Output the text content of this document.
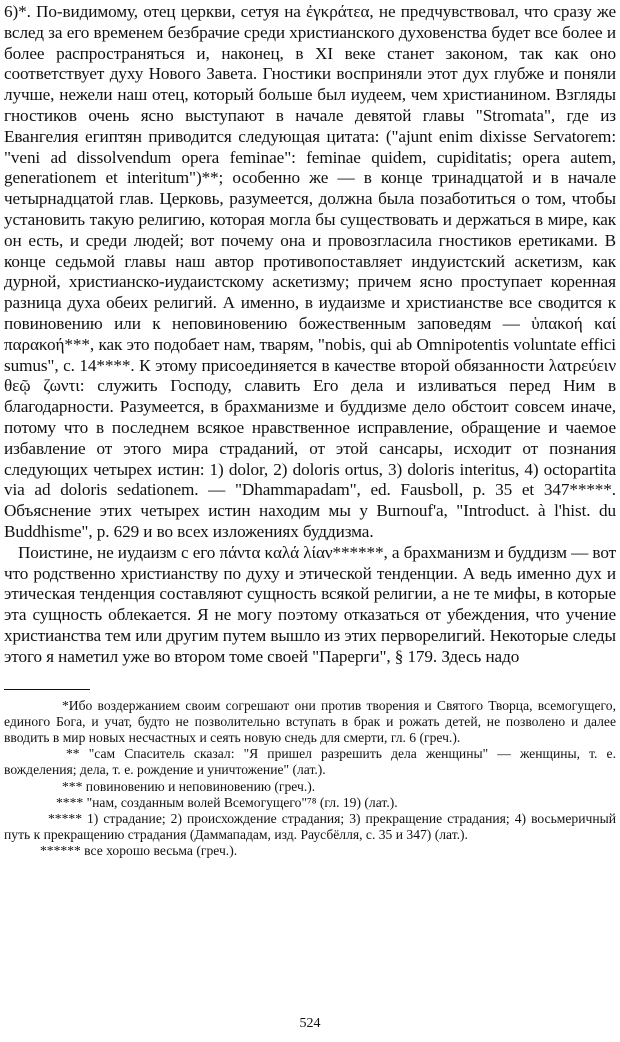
6)*. По-видимому, отец церкви, сетуя на ἐγκράτεα, не предчувствовал, что сразу же вслед за его временем безбрачие среди христианского духовенства будет все более и более распространяться и, наконец, в XI веке станет законом, так как оно соответствует духу Нового Завета. Гностики восприняли этот дух глубже и поняли лучше, нежели наш отец, который больше был иудеем, чем христианином. Взгляды гностиков очень ясно выступают в начале девятой главы "Stromata", где из Евангелия египтян приводится следующая цитата: ("ajunt enim dixisse Servatorem: "veni ad dissolvendum opera feminae": feminae quidem, cupiditatis; opera autem, generationem et interitum")**; особенно же — в конце тринадцатой и в начале четырнадцатой глав. Церковь, разумеется, должна была позаботиться о том, чтобы установить такую религию, которая могла бы существовать и держаться в мире, как он есть, и среди людей; вот почему она и провозгласила гностиков еретиками. В конце седьмой главы наш автор противопоставляет индуистский аскетизм, как дурной, христианско-иудаистскому аскетизму; причем ясно проступает коренная разница духа обеих религий. А именно, в иудаизме и христианстве все сводится к повиновению или к неповиновению божественным заповедям — ὑπακοή καί παρακοή***, как это подобает нам, тварям, "nobis, qui ab Omnipotentis voluntate effici sumus", с. 14****. К этому присоединяется в качестве второй обязанности λατρεύειν θεῷ ζωντι: служить Господу, славить Его дела и изливаться перед Ним в благодарности. Разумеется, в брахманизме и буддизме дело обстоит совсем иначе, потому что в последнем всякое нравственное исправление, обращение и чаемое избавление от этого мира страданий, от этой сансары, исходит от познания следующих четырех истин: 1) dolor, 2) doloris ortus, 3) doloris interitus, 4) octopartita via ad doloris sedationem. — "Dhammapadam", ed. Fausboll, p. 35 et 347*****. Объяснение этих четырех истин находим мы у Burnouf'a, "Introduct. à l'hist. du Buddhisme", p. 629 и во всех изложениях буддизма.

Поистине, не иудаизм с его πάντα καλά λίαν******, а брахманизм и буддизм — вот что родственно христианству по духу и этической тенденции. А ведь именно дух и этическая тенденция составляют сущность всякой религии, а не те мифы, в которые эта сущность облекается. Я не могу поэтому отказаться от убеждения, что учение христианства тем или другим путем вышло из этих перворелигий. Некоторые следы этого я наметил уже во втором томе своей "Парерги", § 179. Здесь надо

*Ибо воздержанием своим согрешают они против творения и Святого Творца, всемогущего, единого Бога, и учат, будто не позволительно вступать в брак и рожать детей, не позволено и далее вводить в мир новых несчастных и сеять новую снедь для смерти, гл. 6 (греч.).

** "сам Спаситель сказал: "Я пришел разрешить дела женщины" — женщины, т. е. вожделения; дела, т. е. рождение и уничтожение" (лат.).

*** повиновению и неповиновению (греч.).

**** "нам, созданным волей Всемогущего"⁷⁸ (гл. 19) (лат.).

***** 1) страдание; 2) происхождение страдания; 3) прекращение страдания; 4) восьмеричный путь к прекращению страдания (Даммападам, изд. Раусбёлля, с. 35 и 347) (лат.).

****** все хорошо весьма (греч.).

524
